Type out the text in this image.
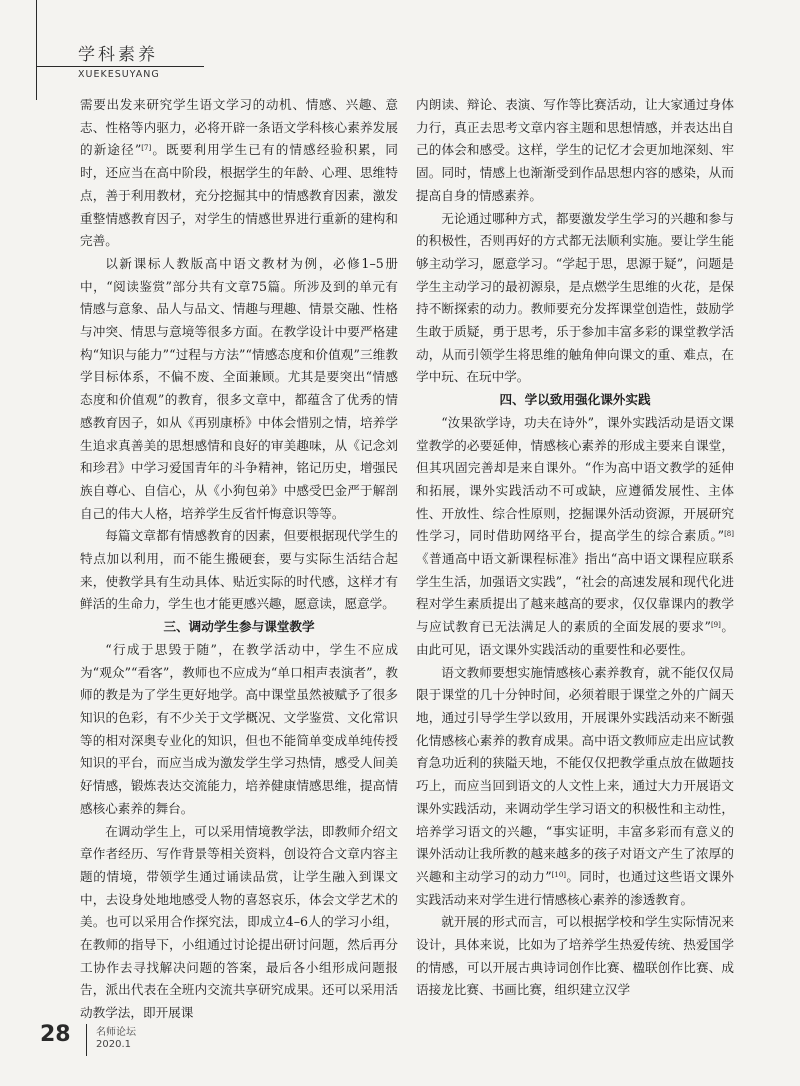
学科素养
XUEKESUYANG

需要出发来研究学生语文学习的动机、情感、兴趣、意志、性格等内驱力，必将开辟一条语文学科核心素养发展的新途径”[7]。既要利用学生已有的情感经验积累，同时，还应当在高中阶段，根据学生的年龄、心理、思维特点，善于利用教材，充分挖掘其中的情感教育因素，激发重整情感教育因子，对学生的情感世界进行重新的建构和完善。

以新课标人教版高中语文教材为例，必修1–5册中，“阅读鉴赏”部分共有文章75篇。所涉及到的单元有情感与意象、品人与品文、情趣与理趣、情景交融、性格与冲突、情思与意境等很多方面。在教学设计中要严格建构“知识与能力”“过程与方法”“情感态度和价值观”三维教学目标体系，不偏不废、全面兼顾。尤其是要突出“情感态度和价值观”的教育，很多文章中，都蕴含了优秀的情感教育因子，如从《再别康桥》中体会惜别之情，培养学生追求真善美的思想感情和良好的审美趣味，从《记念刘和珍君》中学习爱国青年的斗争精神，铭记历史，增强民族自尊心、自信心，从《小狗包弟》中感受巴金严于解剖自己的伟大人格，培养学生反省忏悔意识等等。

每篇文章都有情感教育的因素，但要根据现代学生的特点加以利用，而不能生搬硬套，要与实际生活结合起来，使教学具有生动具体、贴近实际的时代感，这样才有鲜活的生命力，学生也才能更感兴趣，愿意读，愿意学。

三、调动学生参与课堂教学

“行成于思毁于随”，在教学活动中，学生不应成为“观众”“看客”，教师也不应成为“单口相声表演者”，教师的教是为了学生更好地学。高中课堂虽然被赋予了很多知识的色彩，有不少关于文学概况、文学鉴赏、文化常识等的相对深奥专业化的知识，但也不能简单变成单纯传授知识的平台，而应当成为激发学生学习热情，感受人间美好情感，锻炼表达交流能力，培养健康情感思维，提高情感核心素养的舞台。

在调动学生上，可以采用情境教学法，即教师介绍文章作者经历、写作背景等相关资料，创设符合文章内容主题的情境，带领学生通过诵读品赏，让学生融入到课文中，去设身处地地感受人物的喜怒哀乐，体会文学艺术的美。也可以采用合作探究法，即成立4–6人的学习小组，在教师的指导下，小组通过讨论提出研讨问题，然后再分工协作去寻找解决问题的答案，最后各小组形成问题报告，派出代表在全班内交流共享研究成果。还可以采用活动教学法，即开展课

内朗读、辩论、表演、写作等比赛活动，让大家通过身体力行，真正去思考文章内容主题和思想情感，并表达出自己的体会和感受。这样，学生的记忆才会更加地深刻、牢固。同时，情感上也渐渐受到作品思想内容的感染，从而提高自身的情感素养。

无论通过哪种方式，都要激发学生学习的兴趣和参与的积极性，否则再好的方式都无法顺利实施。要让学生能够主动学习，愿意学习。“学起于思，思源于疑”，问题是学生主动学习的最初源泉，是点燃学生思维的火花，是保持不断探索的动力。教师要充分发挥课堂创造性，鼓励学生敢于质疑，勇于思考，乐于参加丰富多彩的课堂教学活动，从而引领学生将思维的触角伸向课文的重、难点，在学中玩、在玩中学。

四、学以致用强化课外实践

“汝果欲学诗，功夫在诗外”，课外实践活动是语文课堂教学的必要延伸，情感核心素养的形成主要来自课堂，但其巩固完善却是来自课外。“作为高中语文教学的延伸和拓展，课外实践活动不可或缺，应遵循发展性、主体性、开放性、综合性原则，挖掘课外活动资源，开展研究性学习，同时借助网络平台，提高学生的综合素质。”[8]《普通高中语文新课程标准》指出“高中语文课程应联系学生生活，加强语文实践”，“社会的高速发展和现代化进程对学生素质提出了越来越高的要求，仅仅靠课内的教学与应试教育已无法满足人的素质的全面发展的要求”[9]。由此可见，语文课外实践活动的重要性和必要性。

语文教师要想实施情感核心素养教育，就不能仅仅局限于课堂的几十分钟时间，必须着眼于课堂之外的广阔天地，通过引导学生学以致用，开展课外实践活动来不断强化情感核心素养的教育成果。高中语文教师应走出应试教育急功近利的狭隘天地，不能仅仅把教学重点放在做题技巧上，而应当回到语文的人文性上来，通过大力开展语文课外实践活动，来调动学生学习语文的积极性和主动性，培养学习语文的兴趣，“事实证明，丰富多彩而有意义的课外活动让我所教的越来越多的孩子对语文产生了浓厚的兴趣和主动学习的动力”[10]。同时，也通过这些语文课外实践活动来对学生进行情感核心素养的渗透教育。

就开展的形式而言，可以根据学校和学生实际情况来设计，具体来说，比如为了培养学生热爱传统、热爱国学的情感，可以开展古典诗词创作比赛、楹联创作比赛、成语接龙比赛、书画比赛，组织建立汉学

28	名师论坛
2020.1
